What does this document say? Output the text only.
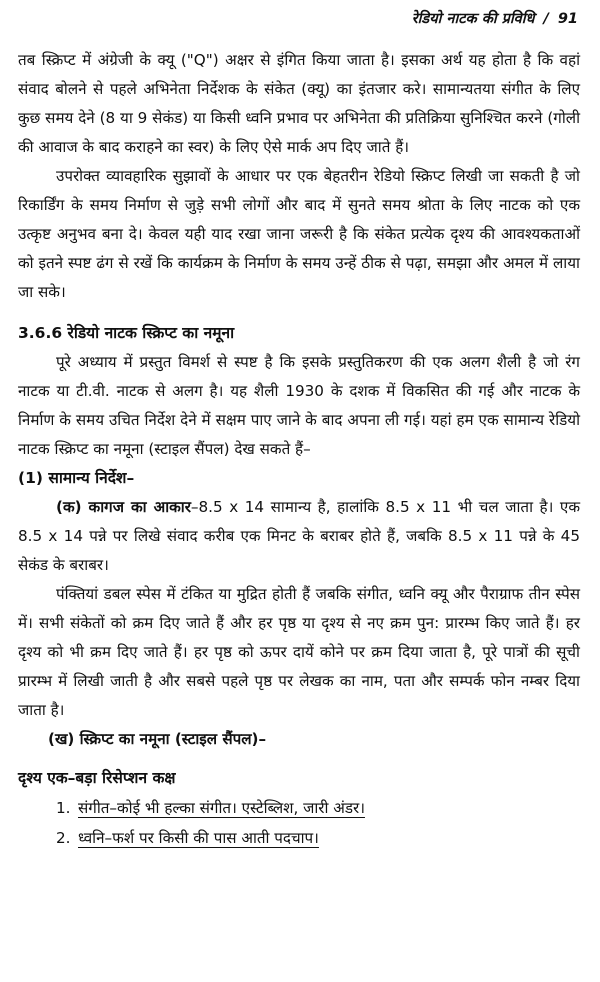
रेडियो नाटक की प्रविधि / 91

तब स्क्रिप्ट में अंग्रेजी के क्यू ("Q") अक्षर से इंगित किया जाता है। इसका अर्थ यह होता है कि वहां संवाद बोलने से पहले अभिनेता निर्देशक के संकेत (क्यू) का इंतजार करे। सामान्यतया संगीत के लिए कुछ समय देने (8 या 9 सेकंड) या किसी ध्वनि प्रभाव पर अभिनेता की प्रतिक्रिया सुनिश्चित करने (गोली की आवाज के बाद कराहने का स्वर) के लिए ऐसे मार्क अप दिए जाते हैं।

उपरोक्त व्यावहारिक सुझावों के आधार पर एक बेहतरीन रेडियो स्क्रिप्ट लिखी जा सकती है जो रिकार्डिंग के समय निर्माण से जुड़े सभी लोगों और बाद में सुनते समय श्रोता के लिए नाटक को एक उत्कृष्ट अनुभव बना दे। केवल यही याद रखा जाना जरूरी है कि संकेत प्रत्येक दृश्य की आवश्यकताओं को इतने स्पष्ट ढंग से रखें कि कार्यक्रम के निर्माण के समय उन्हें ठीक से पढ़ा, समझा और अमल में लाया जा सके।

3.6.6 रेडियो नाटक स्क्रिप्ट का नमूना

पूरे अध्याय में प्रस्तुत विमर्श से स्पष्ट है कि इसके प्रस्तुतिकरण की एक अलग शैली है जो रंग नाटक या टी.वी. नाटक से अलग है। यह शैली 1930 के दशक में विकसित की गई और नाटक के निर्माण के समय उचित निर्देश देने में सक्षम पाए जाने के बाद अपना ली गई। यहां हम एक सामान्य रेडियो नाटक स्क्रिप्ट का नमूना (स्टाइल सैंपल) देख सकते हैं–

(1) सामान्य निर्देश–

(क) कागज का आकार–8.5 x 14 सामान्य है, हालांकि 8.5 x 11 भी चल जाता है। एक 8.5 x 14 पन्ने पर लिखे संवाद करीब एक मिनट के बराबर होते हैं, जबकि 8.5 x 11 पन्ने के 45 सेकंड के बराबर।

पंक्तियां डबल स्पेस में टंकित या मुद्रित होती हैं जबकि संगीत, ध्वनि क्यू और पैराग्राफ तीन स्पेस में। सभी संकेतों को क्रम दिए जाते हैं और हर पृष्ठ या दृश्य से नए क्रम पुन: प्रारम्भ किए जाते हैं। हर दृश्य को भी क्रम दिए जाते हैं। हर पृष्ठ को ऊपर दायें कोने पर क्रम दिया जाता है, पूरे पात्रों की सूची प्रारम्भ में लिखी जाती है और सबसे पहले पृष्ठ पर लेखक का नाम, पता और सम्पर्क फोन नम्बर दिया जाता है।

(ख) स्क्रिप्ट का नमूना (स्टाइल सैंपल)–
दृश्य एक–बड़ा रिसेप्शन कक्ष
1. संगीत–कोई भी हल्का संगीत। एस्टेब्लिश, जारी अंडर।
2. ध्वनि–फर्श पर किसी की पास आती पदचाप।
